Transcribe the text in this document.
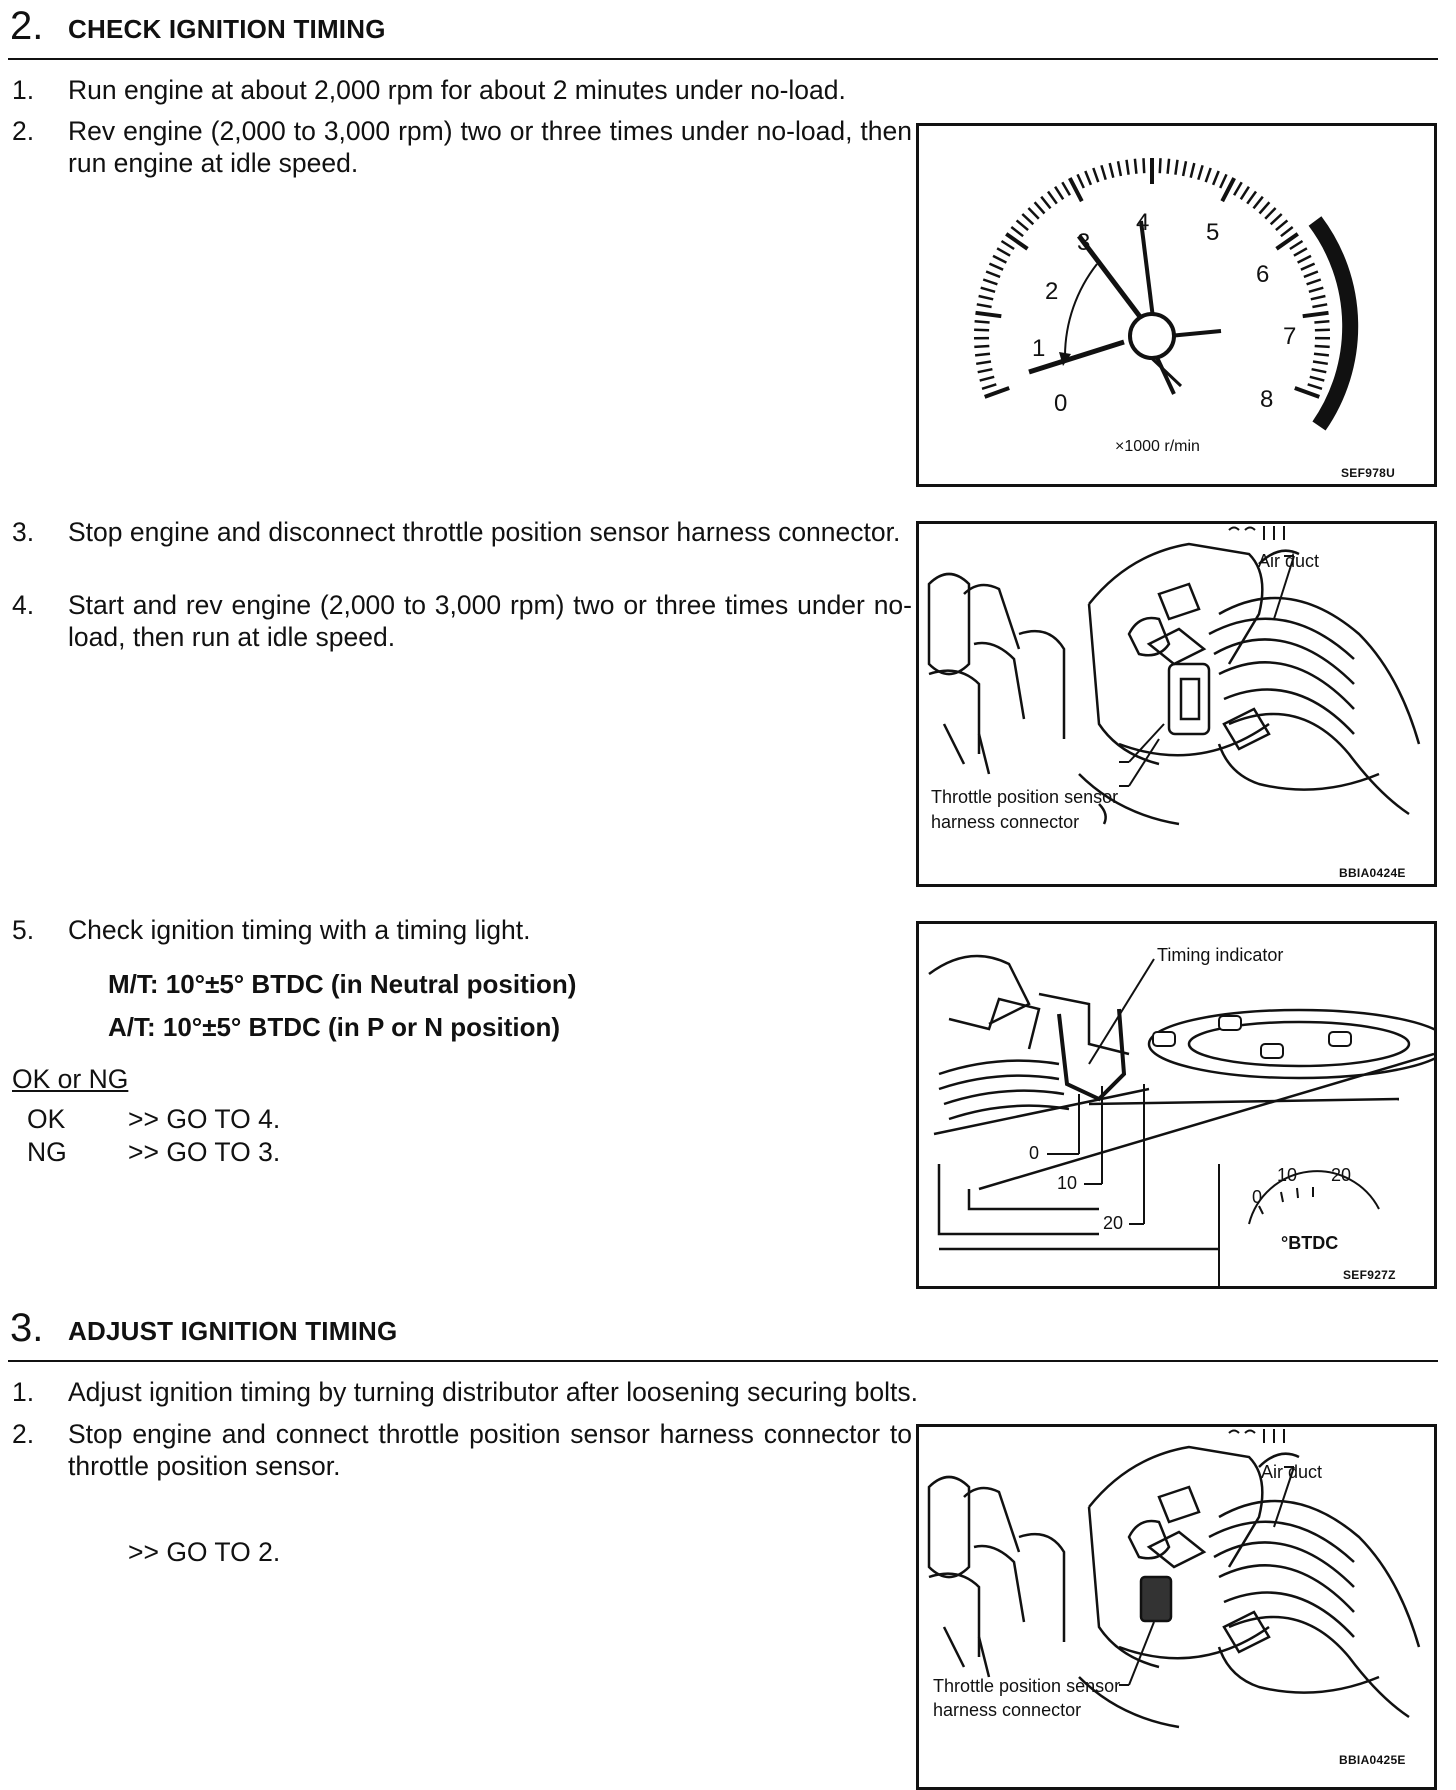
2. CHECK IGNITION TIMING
1.	Run engine at about 2,000 rpm for about 2 minutes under no-load.
2.	Rev engine (2,000 to 3,000 rpm) two or three times under no-load, then run engine at idle speed.
3.	Stop engine and disconnect throttle position sensor harness connector.
4.	Start and rev engine (2,000 to 3,000 rpm) two or three times under no-load, then run at idle speed.
5.	Check ignition timing with a timing light.
M/T: 10°±5° BTDC (in Neutral position)
A/T: 10°±5° BTDC (in P or N position)
OK or NG
OK >> GO TO 4.
NG >> GO TO 3.
3. ADJUST IGNITION TIMING
1.	Adjust ignition timing by turning distributor after loosening securing bolts.
2.	Stop engine and connect throttle position sensor harness connector to throttle position sensor.
>> GO TO 2.
0
1
2
3
4 5
6
7
8
×1000 r/min
SEF978U
Air duct
Throttle position sensor
harness connector
BBIA0424E
Timing indicator
0
10
20
0
10 20
°BTDC
SEF927Z
Air duct
Throttle position sensor
harness connector
BBIA0425E
